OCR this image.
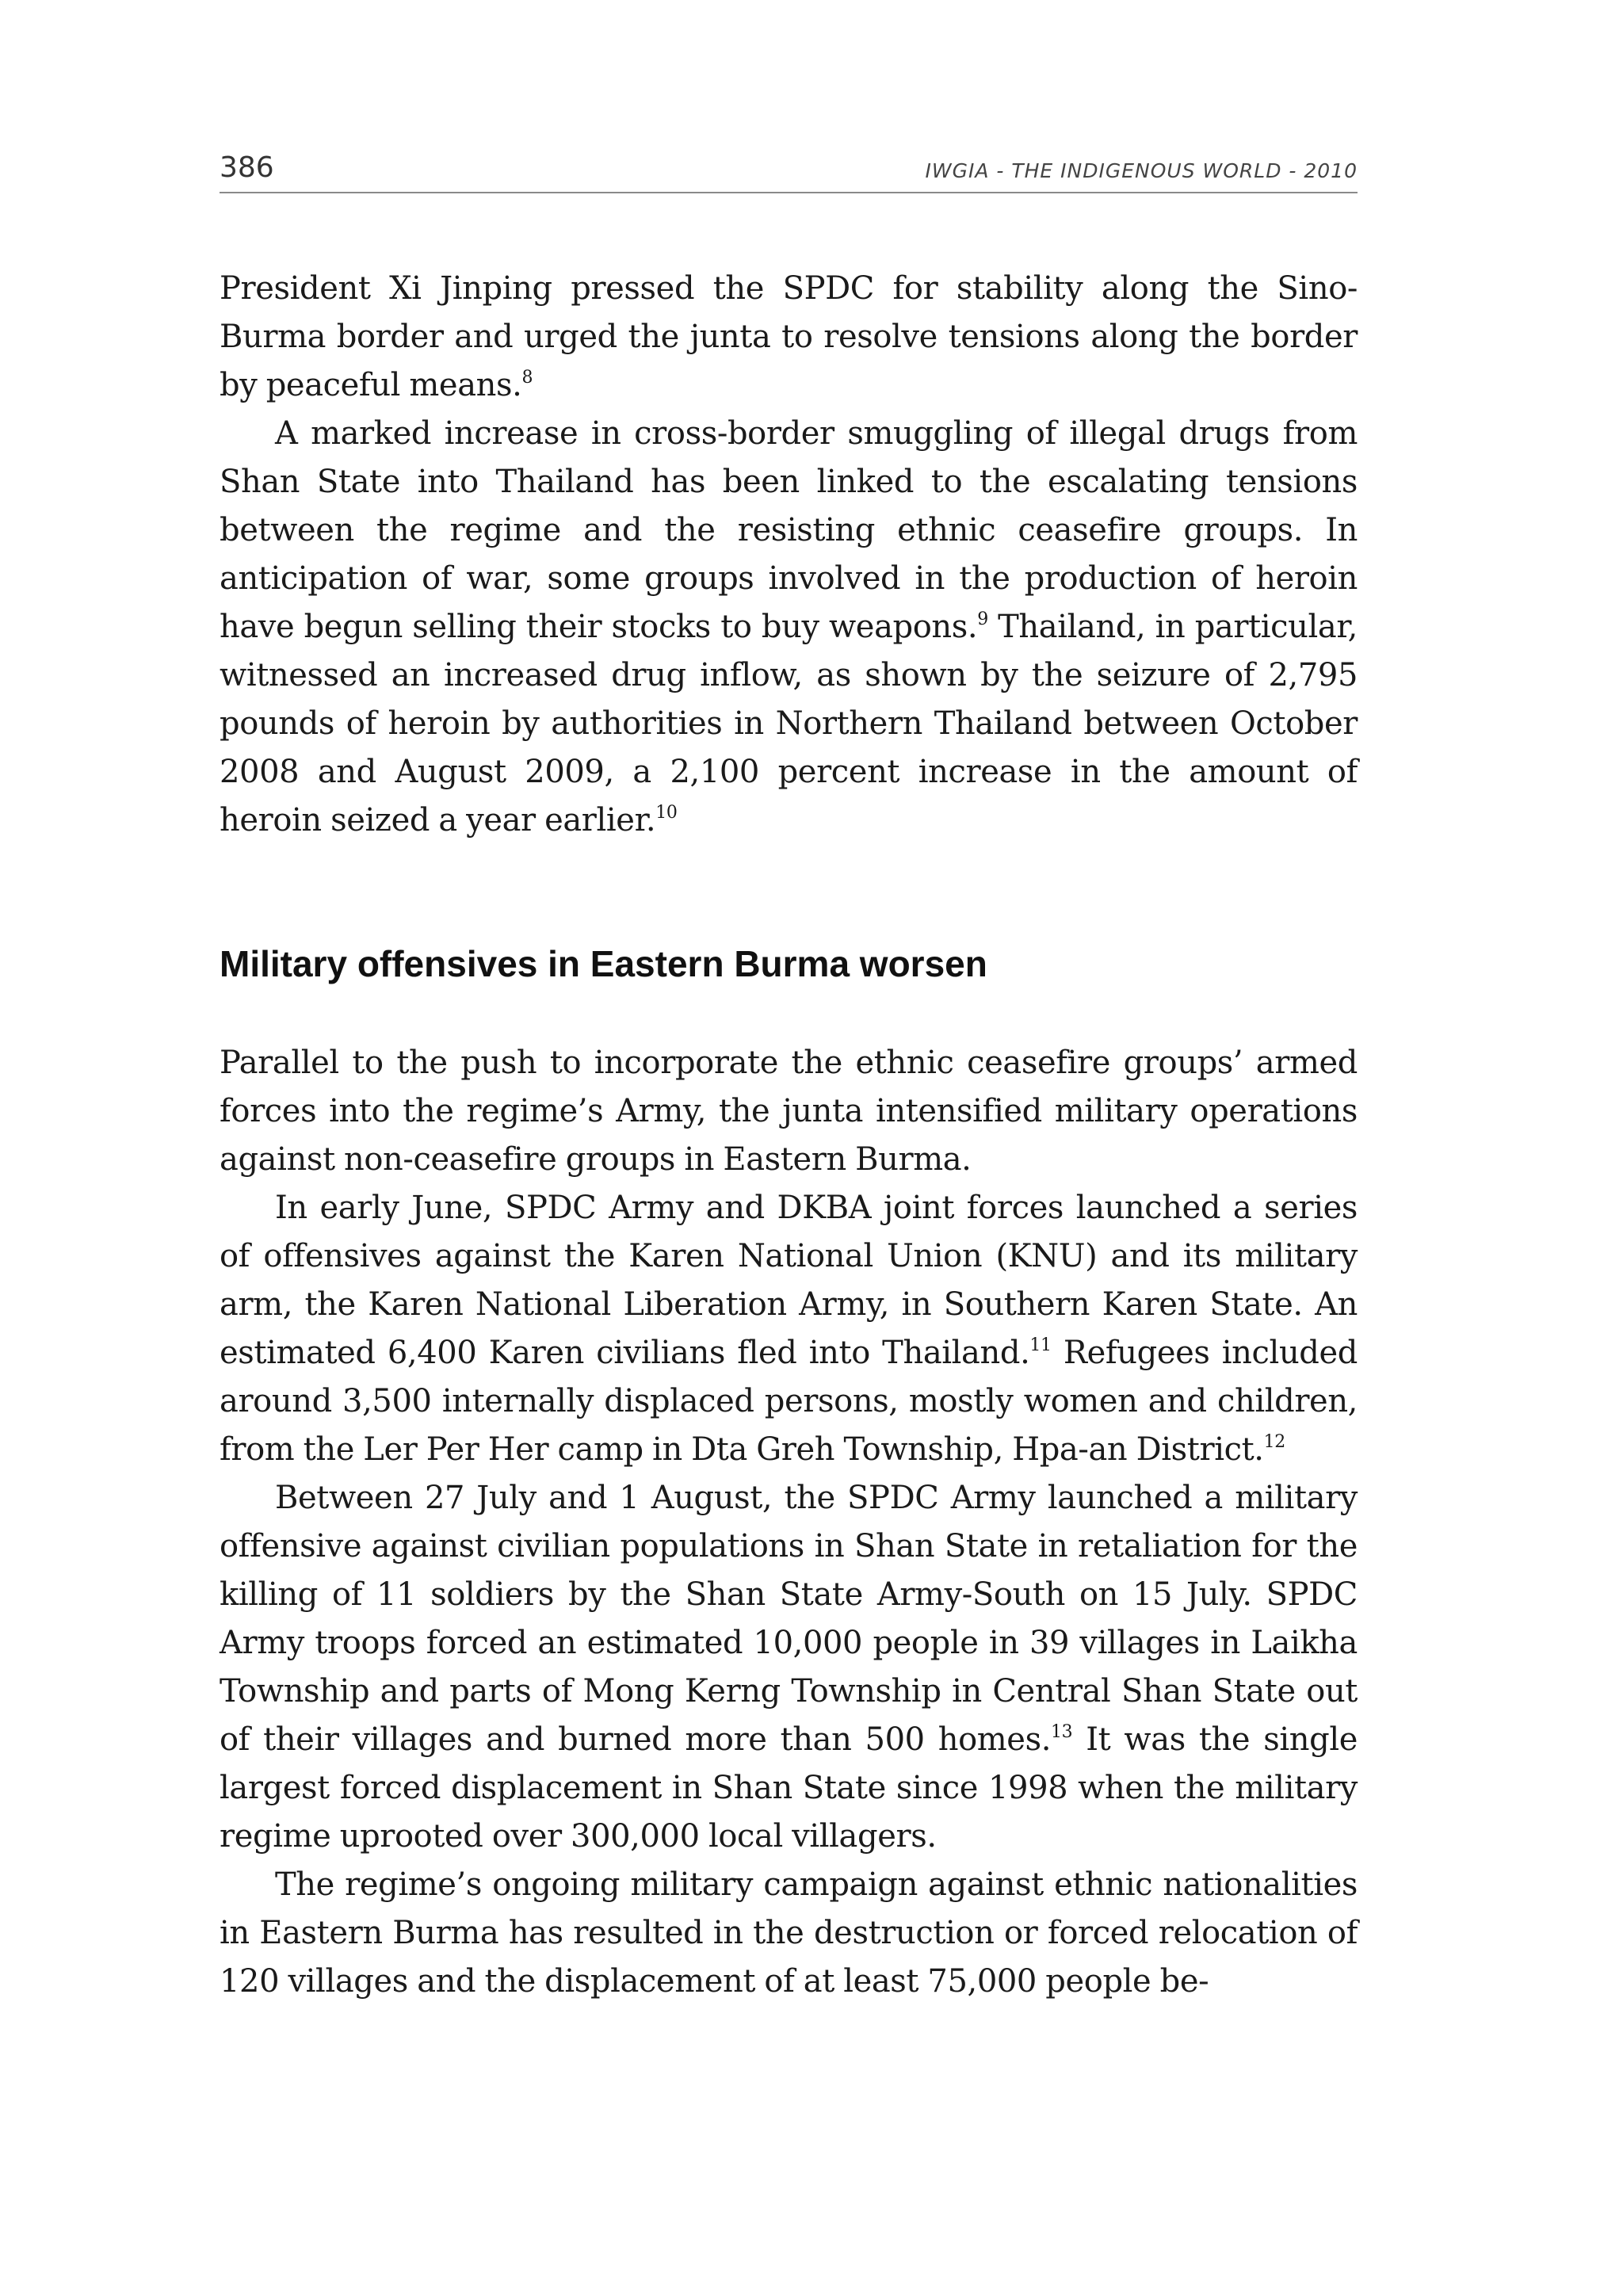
386	IWGIA - THE INDIGENOUS WORLD - 2010

President Xi Jinping pressed the SPDC for stability along the Sino-Burma border and urged the junta to resolve tensions along the border by peaceful means.$^8$

A marked increase in cross-border smuggling of illegal drugs from Shan State into Thailand has been linked to the escalating tensions between the regime and the resisting ethnic ceasefire groups. In anticipation of war, some groups involved in the production of heroin have begun selling their stocks to buy weapons.$^9$ Thailand, in particular, witnessed an increased drug inflow, as shown by the seizure of 2,795 pounds of heroin by authorities in Northern Thailand between October 2008 and August 2009, a 2,100 percent increase in the amount of heroin seized a year earlier.$^{10}$

Military offensives in Eastern Burma worsen

Parallel to the push to incorporate the ethnic ceasefire groups’ armed forces into the regime’s Army, the junta intensified military operations against non-ceasefire groups in Eastern Burma.

In early June, SPDC Army and DKBA joint forces launched a series of offensives against the Karen National Union (KNU) and its military arm, the Karen National Liberation Army, in Southern Karen State. An estimated 6,400 Karen civilians fled into Thailand.$^{11}$ Refugees included around 3,500 internally displaced persons, mostly women and children, from the Ler Per Her camp in Dta Greh Township, Hpa-an District.$^{12}$

Between 27 July and 1 August, the SPDC Army launched a military offensive against civilian populations in Shan State in retaliation for the killing of 11 soldiers by the Shan State Army-South on 15 July. SPDC Army troops forced an estimated 10,000 people in 39 villages in Laikha Township and parts of Mong Kerng Township in Central Shan State out of their villages and burned more than 500 homes.$^{13}$ It was the single largest forced displacement in Shan State since 1998 when the military regime uprooted over 300,000 local villagers.

The regime’s ongoing military campaign against ethnic nationalities in Eastern Burma has resulted in the destruction or forced relocation of 120 villages and the displacement of at least 75,000 people be-
